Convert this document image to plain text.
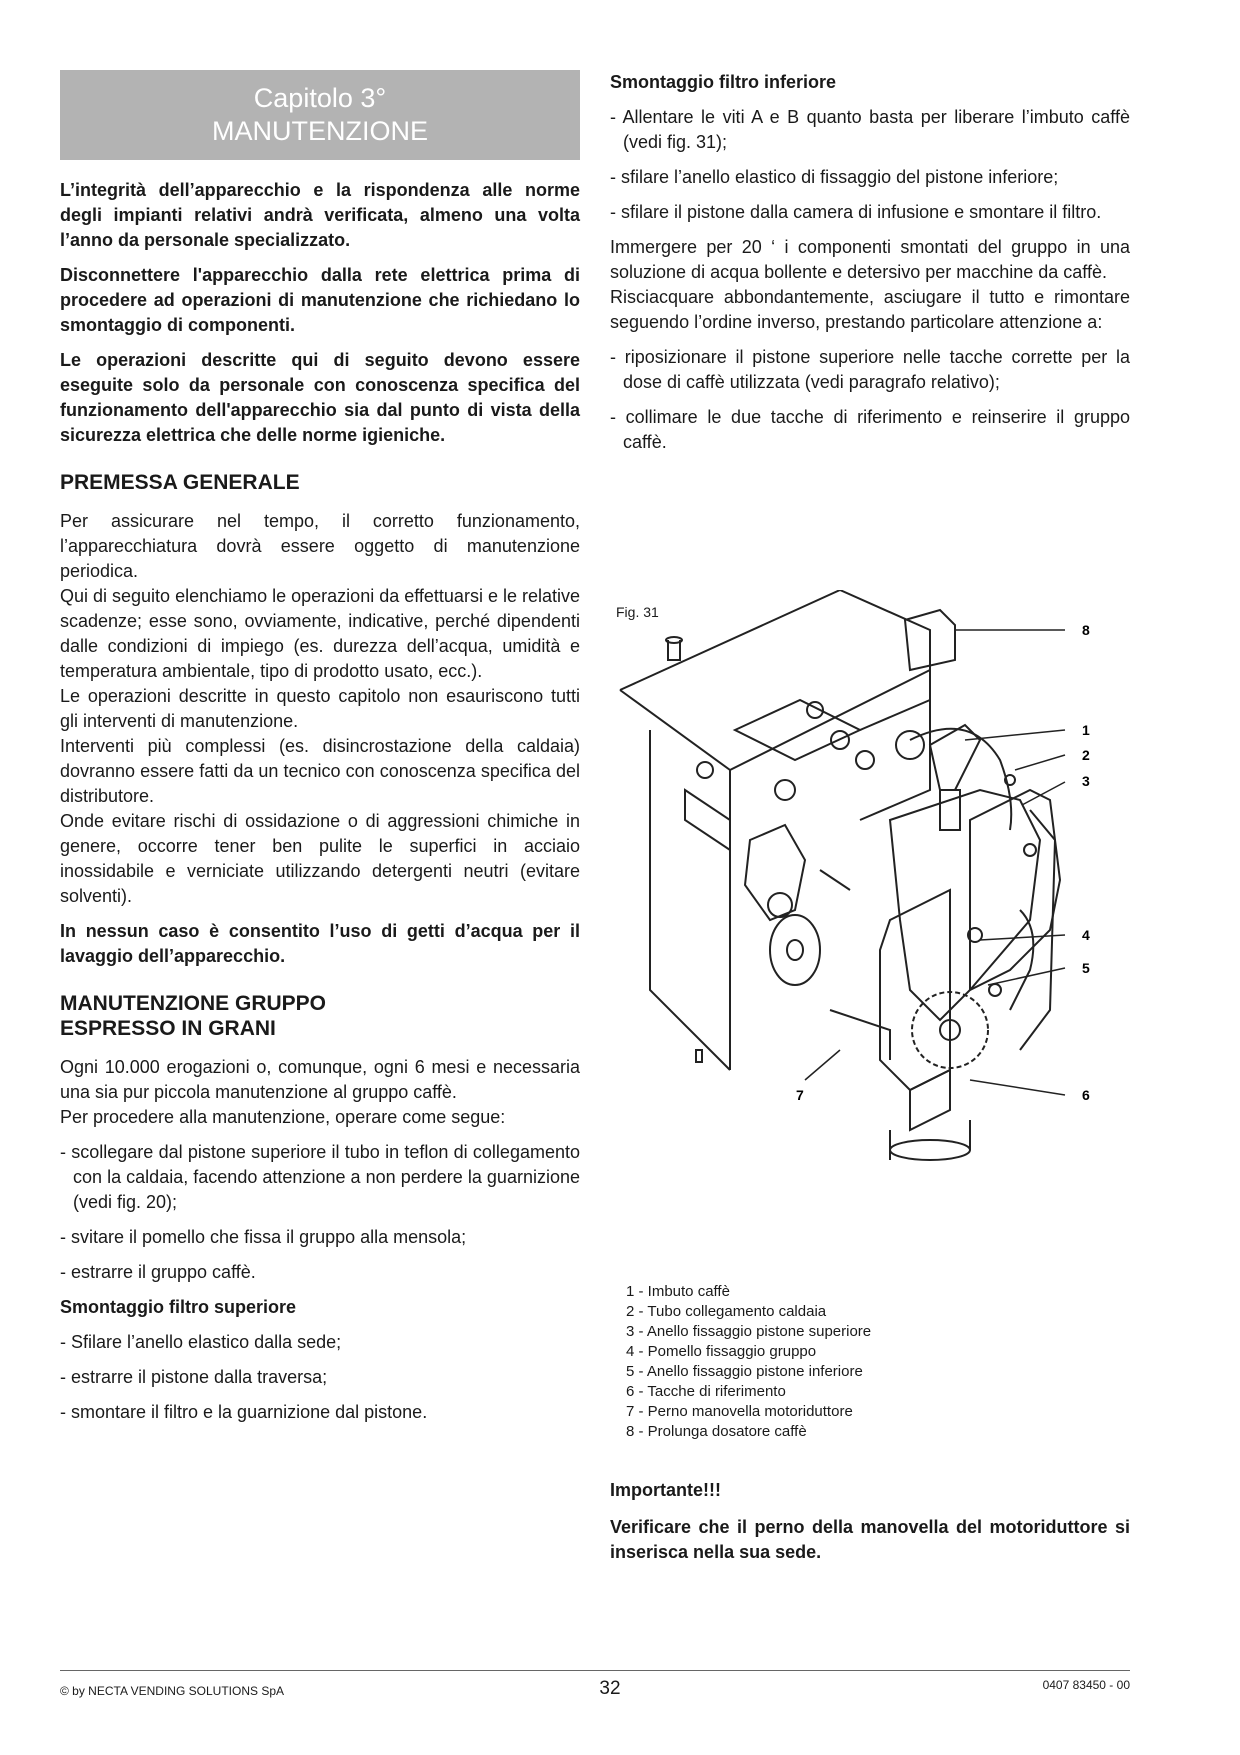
Capitolo 3°
MANUTENZIONE

L’integrità dell’apparecchio e la rispondenza alle norme degli impianti relativi andrà verificata, almeno una volta l’anno da personale specializzato.

Disconnettere l'apparecchio dalla rete elettrica prima di procedere ad operazioni di manutenzione che richiedano lo smontaggio di componenti.

Le operazioni descritte qui di seguito devono essere eseguite solo da personale con conoscenza specifica del funzionamento dell'apparecchio sia dal punto di vista della sicurezza elettrica che delle norme igieniche.

PREMESSA GENERALE

Per assicurare nel tempo, il corretto funzionamento, l’apparecchiatura dovrà essere oggetto di manutenzione periodica.

Qui di seguito elenchiamo le operazioni da effettuarsi e le relative scadenze; esse sono, ovviamente, indicative, perché dipendenti dalle condizioni di impiego (es. durezza dell’acqua, umidità e temperatura ambientale, tipo di prodotto usato, ecc.).

Le operazioni descritte in questo capitolo non esauriscono tutti gli interventi di manutenzione.

Interventi più complessi (es. disincrostazione della caldaia) dovranno essere fatti da un tecnico con conoscenza specifica del distributore.

Onde evitare rischi di ossidazione o di aggressioni chimiche in genere, occorre tener ben pulite le superfici in acciaio inossidabile e verniciate utilizzando detergenti neutri (evitare solventi).

In nessun caso è consentito l’uso di getti d’acqua per il lavaggio dell’apparecchio.

MANUTENZIONE GRUPPO
ESPRESSO IN GRANI

Ogni 10.000 erogazioni o, comunque, ogni 6 mesi e necessaria una sia pur piccola manutenzione al gruppo caffè.

Per procedere alla manutenzione, operare come segue:

- scollegare dal pistone superiore il tubo in teflon di collegamento con la caldaia, facendo attenzione a non perdere la guarnizione (vedi fig. 20);

- svitare il pomello che fissa il gruppo alla mensola;

- estrarre il gruppo caffè.

Smontaggio filtro superiore

- Sfilare l’anello elastico dalla sede;

- estrarre il pistone dalla traversa;

- smontare il filtro e la guarnizione dal pistone.

Smontaggio filtro inferiore

- Allentare le viti A e B quanto basta per liberare l’imbuto caffè (vedi fig. 31);

- sfilare l’anello elastico di fissaggio del pistone inferiore;

- sfilare il pistone dalla camera di infusione e smontare il filtro.

Immergere per 20 ‘ i componenti smontati del gruppo in una soluzione di acqua bollente e detersivo per macchine da caffè.

Risciacquare abbondantemente, asciugare il tutto e rimontare seguendo l’ordine inverso, prestando particolare attenzione a:

- riposizionare il pistone superiore nelle tacche corrette per la dose di caffè utilizzata (vedi paragrafo relativo);

- collimare le due tacche di riferimento e reinserire il gruppo caffè.

8
1
2
3
4
5
6
7
Fig. 31
1 - Imbuto caffè
2 - Tubo collegamento caldaia
3 - Anello fissaggio pistone superiore
4 - Pomello fissaggio gruppo
5 - Anello fissaggio pistone inferiore
6 - Tacche di riferimento
7 - Perno manovella motoriduttore
8 - Prolunga dosatore caffè
Importante!!!

Verificare che il perno della manovella del motoriduttore si inserisca nella sua sede.

© by NECTA VENDING SOLUTIONS SpA	32	0407 83450 - 00
